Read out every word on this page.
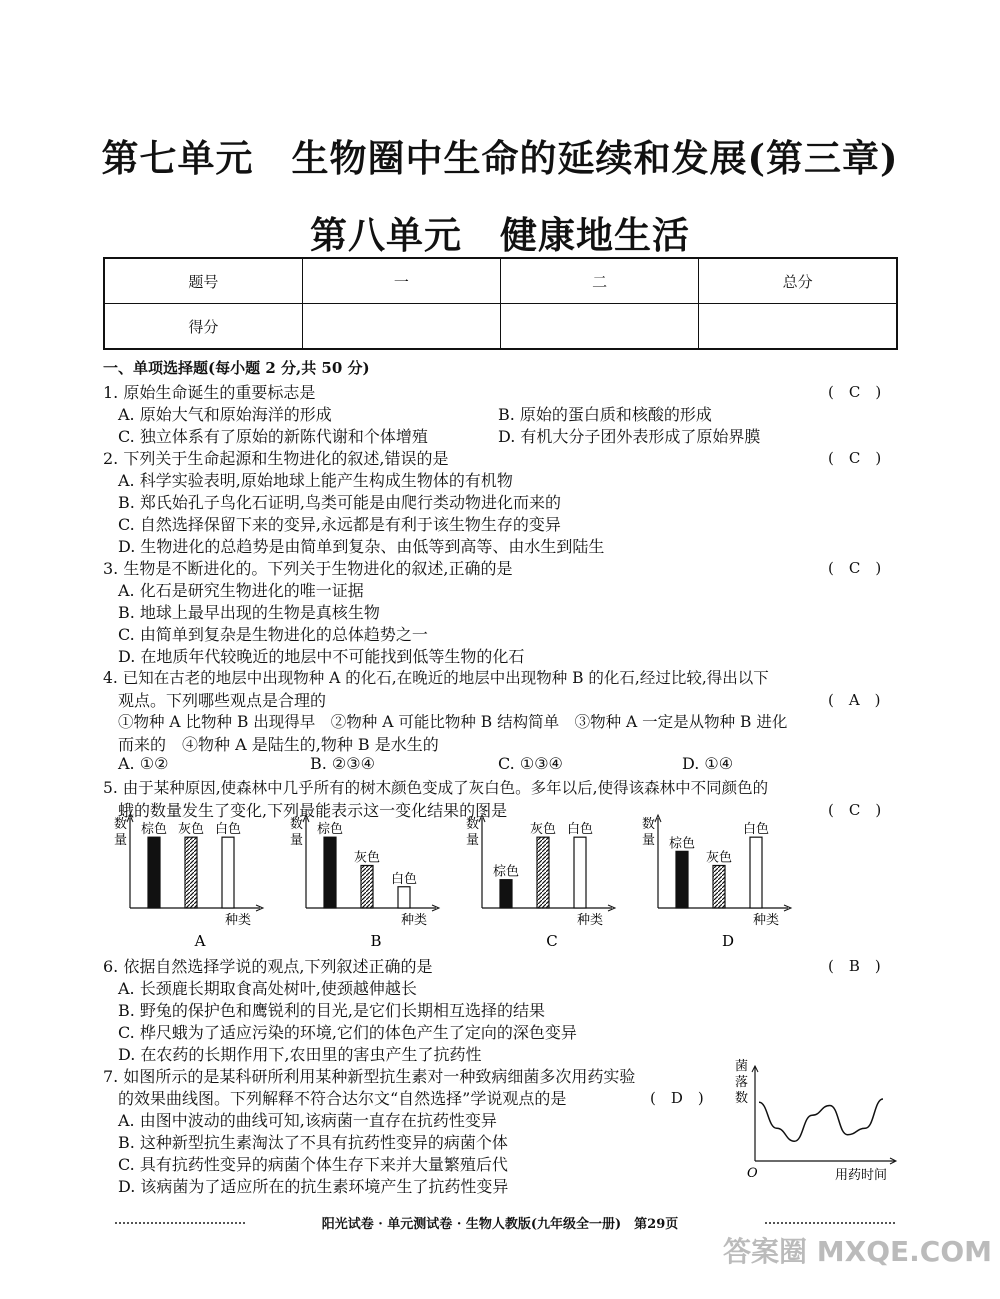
第七单元　生物圈中生命的延续和发展(第三章)
第八单元　健康地生活
题号	一	二	总分
得分			
一、单项选择题(每小题 2 分,共 50 分)
1. 原始生命诞生的重要标志是	(　C　)
A. 原始大气和原始海洋的形成	B. 原始的蛋白质和核酸的形成
C. 独立体系有了原始的新陈代谢和个体增殖	D. 有机大分子团外表形成了原始界膜
2. 下列关于生命起源和生物进化的叙述,错误的是	(　C　)
A. 科学实验表明,原始地球上能产生构成生物体的有机物
B. 郑氏始孔子鸟化石证明,鸟类可能是由爬行类动物进化而来的
C. 自然选择保留下来的变异,永远都是有利于该生物生存的变异
D. 生物进化的总趋势是由简单到复杂、由低等到高等、由水生到陆生
3. 生物是不断进化的。下列关于生物进化的叙述,正确的是	(　C　)
A. 化石是研究生物进化的唯一证据
B. 地球上最早出现的生物是真核生物
C. 由简单到复杂是生物进化的总体趋势之一
D. 在地质年代较晚近的地层中不可能找到低等生物的化石
4. 已知在古老的地层中出现物种 A 的化石,在晚近的地层中出现物种 B 的化石,经过比较,得出以下
观点。下列哪些观点是合理的	(　A　)
①物种 A 比物种 B 出现得早　②物种 A 可能比物种 B 结构简单　③物种 A 一定是从物种 B 进化
而来的　④物种 A 是陆生的,物种 B 是水生的
A. ①②	B. ②③④	C. ①③④	D. ①④
5. 由于某种原因,使森林中几乎所有的树木颜色变成了灰白色。多年以后,使得该森林中不同颜色的
蛾的数量发生了变化,下列最能表示这一变化结果的图是	(　C　)
数
量
种类
棕色 灰色 白色
A
数
量
种类
棕色
灰色
白色
B
数
量
种类
棕色
灰色 白色
C
数
量
种类
棕色
灰色
白色
D
6. 依据自然选择学说的观点,下列叙述正确的是	(　B　)
A. 长颈鹿长期取食高处树叶,使颈越伸越长
B. 野兔的保护色和鹰锐利的目光,是它们长期相互选择的结果
C. 桦尺蛾为了适应污染的环境,它们的体色产生了定向的深色变异
D. 在农药的长期作用下,农田里的害虫产生了抗药性
7. 如图所示的是某科研所利用某种新型抗生素对一种致病细菌多次用药实验
的效果曲线图。下列解释不符合达尔文“自然选择”学说观点的是	(　D　)
A. 由图中波动的曲线可知,该病菌一直存在抗药性变异
B. 这种新型抗生素淘汰了不具有抗药性变异的病菌个体
C. 具有抗药性变异的病菌个体生存下来并大量繁殖后代
D. 该病菌为了适应所在的抗生素环境产生了抗药性变异
菌
落
数
用药时间
O
阳光试卷 · 单元测试卷 · 生物人教版(九年级全一册)　第29页
答案圈 MXQE.COM
